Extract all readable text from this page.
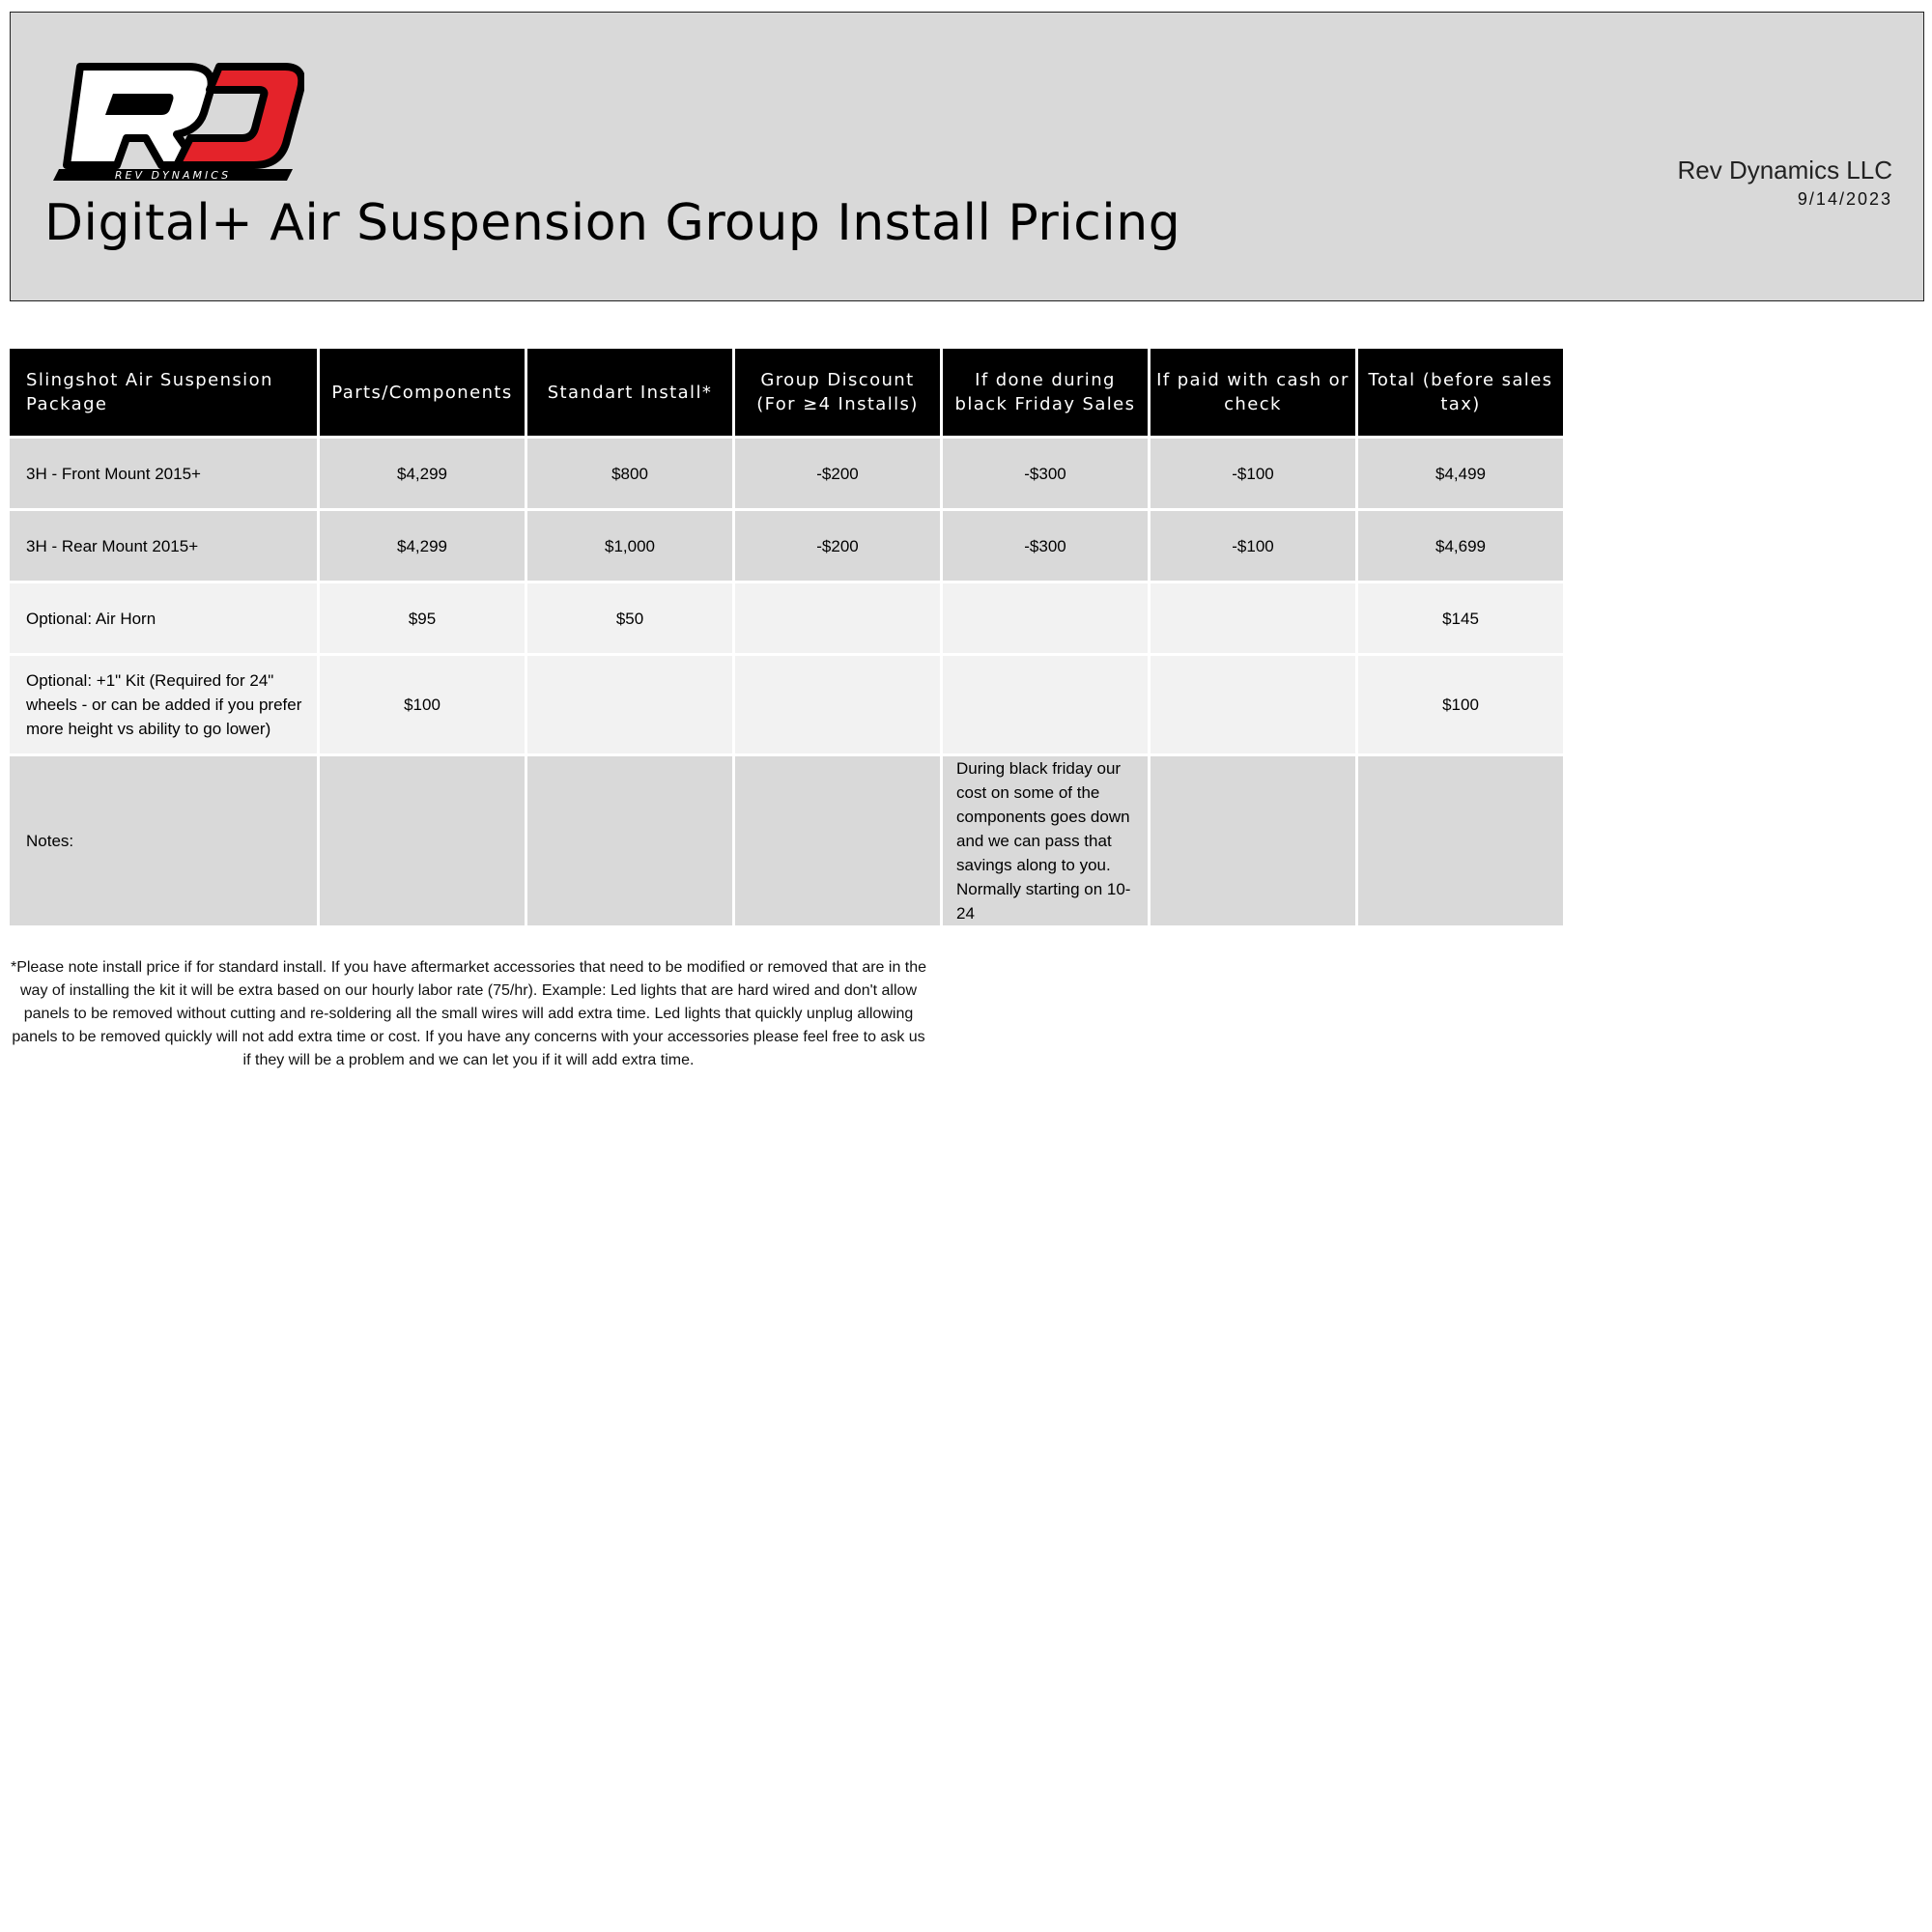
REV DYNAMICS
Digital+ Air Suspension Group Install Pricing
Rev Dynamics LLC
9/14/2023
Slingshot Air Suspension Package	Parts/Components	Standart Install*	Group Discount (For ≥4 Installs)	If done during black Friday Sales	If paid with cash or check	Total (before sales tax)
3H - Front Mount 2015+	$4,299	$800	-$200	-$300	-$100	$4,499
3H - Rear Mount 2015+	$4,299	$1,000	-$200	-$300	-$100	$4,699
Optional: Air Horn	$95	$50				$145
Optional: +1" Kit (Required for 24" wheels - or can be added if you prefer more height vs ability to go lower)	$100					$100
Notes:				During black friday our cost on some of the components goes down and we can pass that savings along to you. Normally starting on 10-24		

*Please note install price if for standard install. If you have aftermarket accessories that need to be modified or removed that are in the way of installing the kit it will be extra based on our hourly labor rate (75/hr). Example: Led lights that are hard wired and don't allow panels to be removed without cutting and re-soldering all the small wires will add extra time. Led lights that quickly unplug allowing panels to be removed quickly will not add extra time or cost. If you have any concerns with your accessories please feel free to ask us if they will be a problem and we can let you if it will add extra time.
